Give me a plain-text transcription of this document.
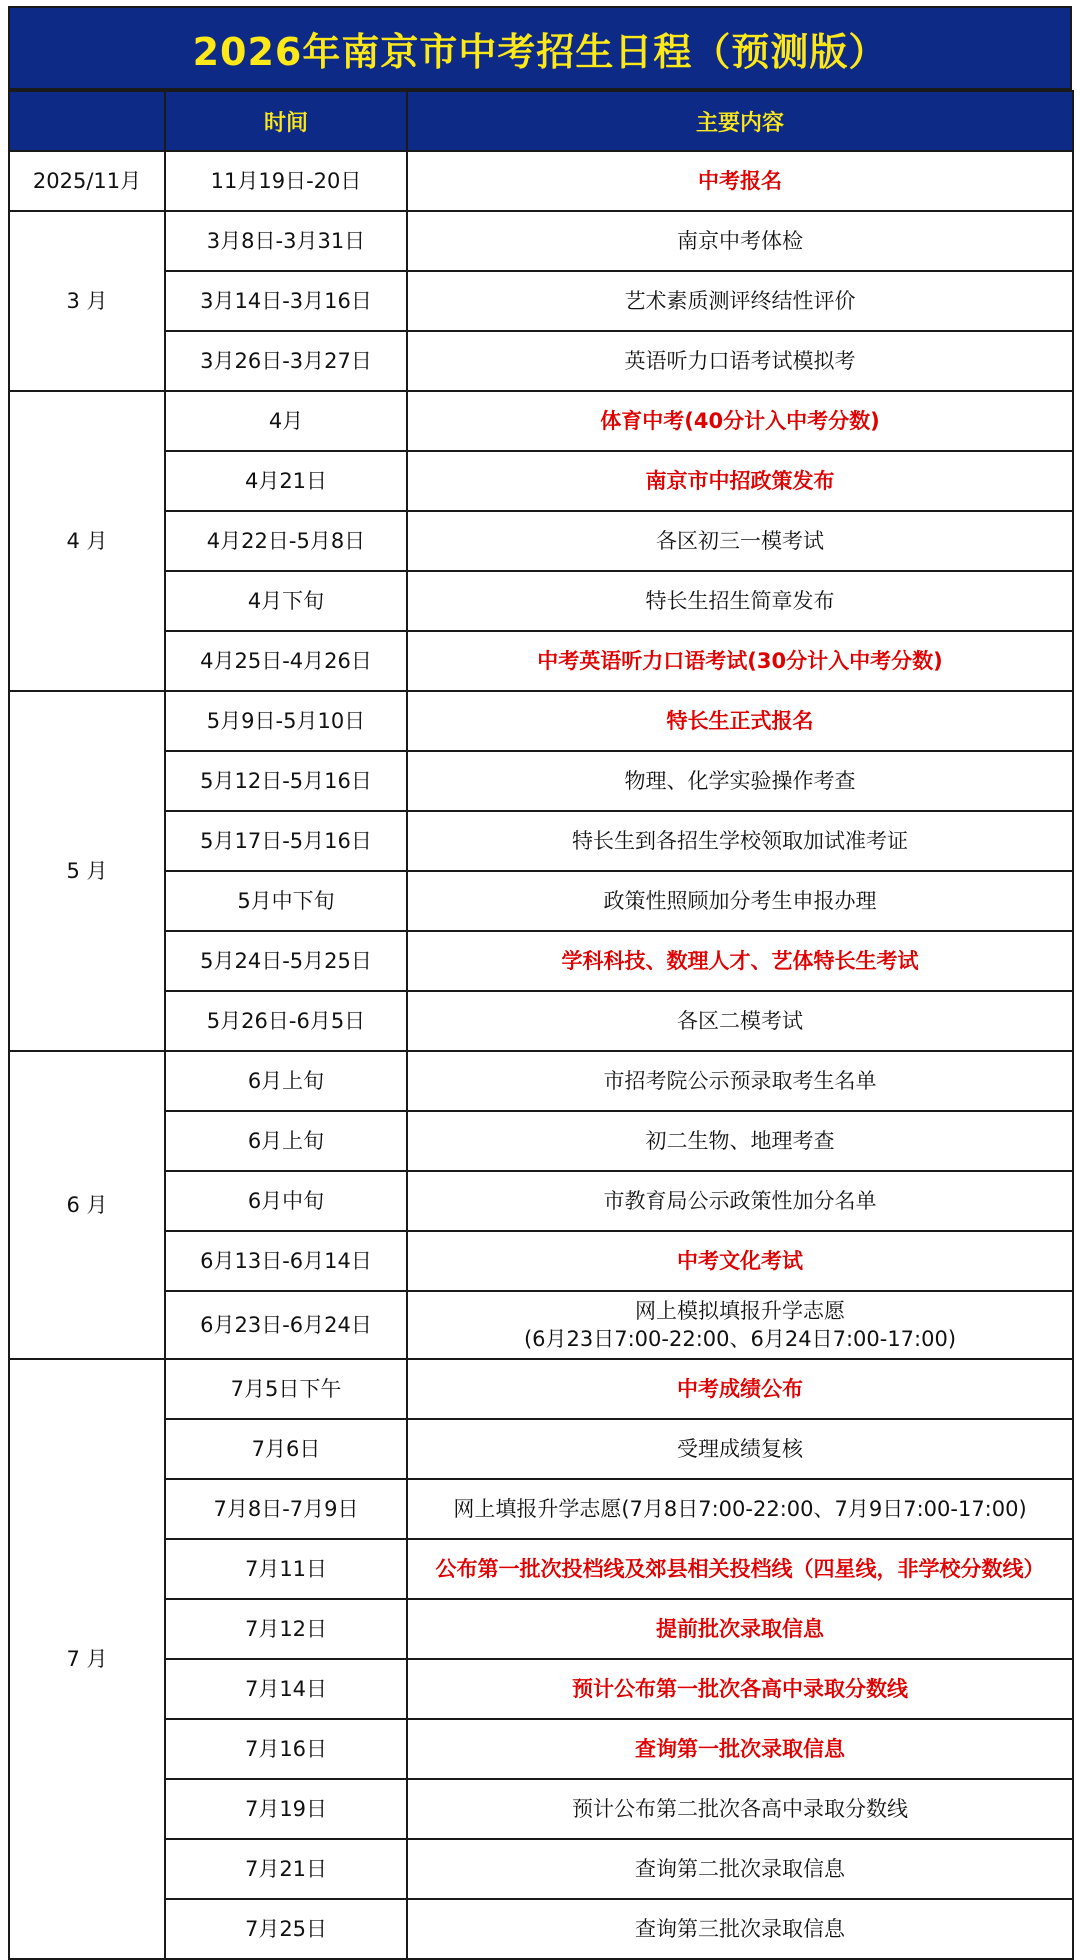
2026年南京市中考招生日程（预测版）
	时间	主要内容
2025/11月	11月19日-20日	中考报名
3 月	3月8日-3月31日	南京中考体检
	3月14日-3月16日	艺术素质测评终结性评价
	3月26日-3月27日	英语听力口语考试模拟考
4 月	4月	体育中考(40分计入中考分数)
	4月21日	南京市中招政策发布
	4月22日-5月8日	各区初三一模考试
	4月下旬	特长生招生简章发布
	4月25日-4月26日	中考英语听力口语考试(30分计入中考分数)
5 月	5月9日-5月10日	特长生正式报名
	5月12日-5月16日	物理、化学实验操作考查
	5月17日-5月16日	特长生到各招生学校领取加试准考证
	5月中下旬	政策性照顾加分考生申报办理
	5月24日-5月25日	学科科技、数理人才、艺体特长生考试
	5月26日-6月5日	各区二模考试
6 月	6月上旬	市招考院公示预录取考生名单
	6月上旬	初二生物、地理考查
	6月中旬	市教育局公示政策性加分名单
	6月13日-6月14日	中考文化考试
	6月23日-6月24日	网上模拟填报升学志愿
(6月23日7:00-22:00、6月24日7:00-17:00)

7 月	7月5日下午	中考成绩公布
	7月6日	受理成绩复核
	7月8日-7月9日	网上填报升学志愿(7月8日7:00-22:00、7月9日7:00-17:00)
	7月11日	公布第一批次投档线及郊县相关投档线（四星线，非学校分数线）
	7月12日	提前批次录取信息
	7月14日	预计公布第一批次各高中录取分数线
	7月16日	查询第一批次录取信息
	7月19日	预计公布第二批次各高中录取分数线
	7月21日	查询第二批次录取信息
	7月25日	查询第三批次录取信息
